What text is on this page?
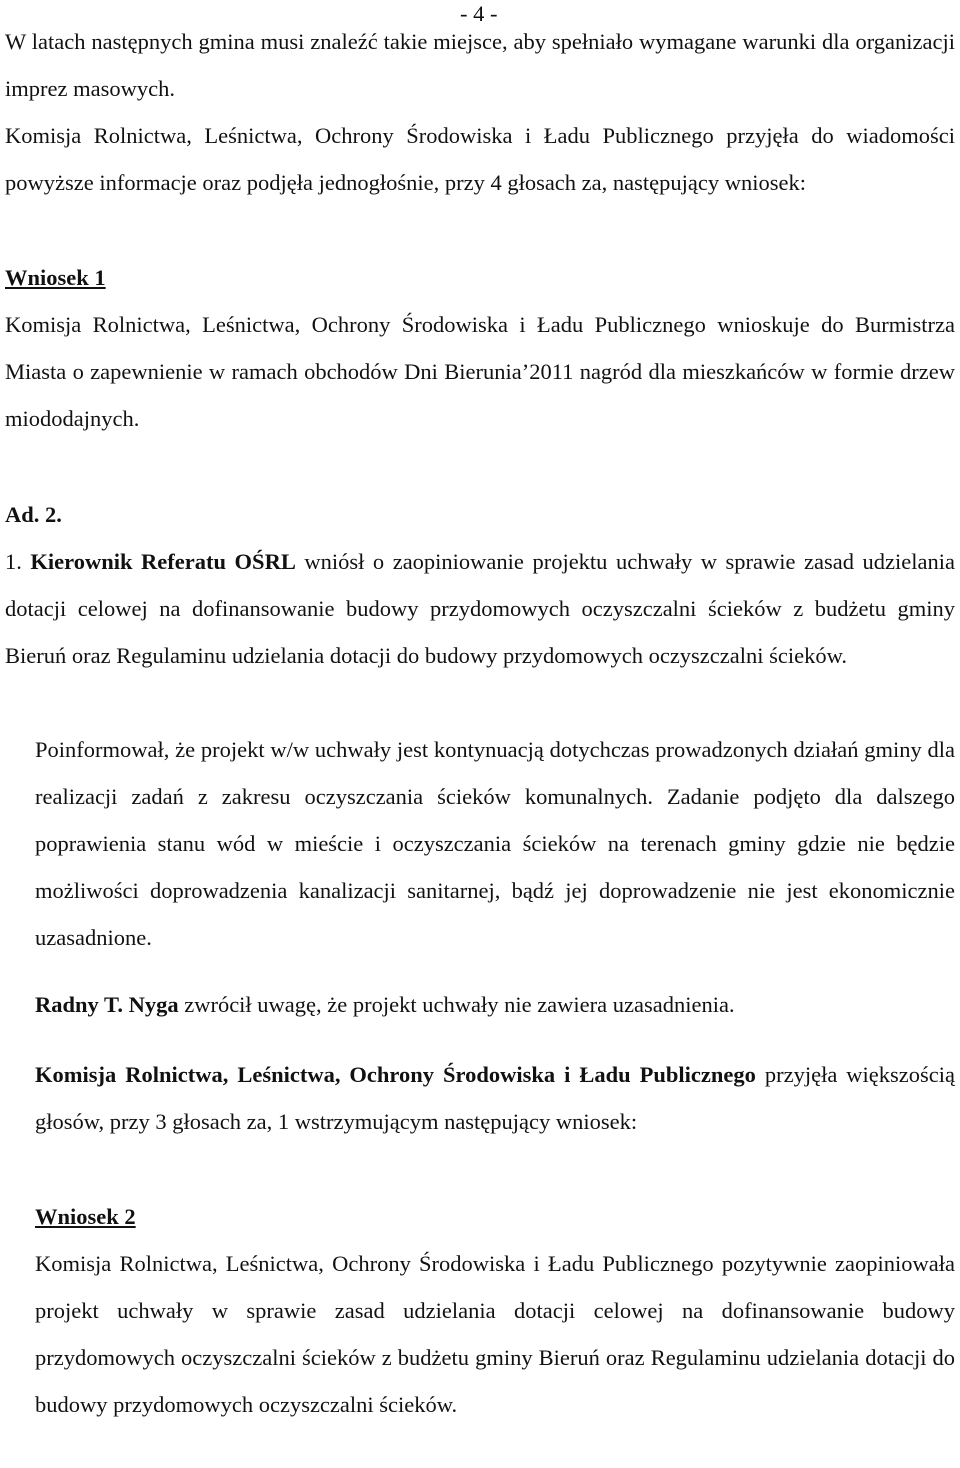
- 4 -

W latach następnych gmina musi znaleźć takie miejsce, aby spełniało wymagane warunki dla organizacji imprez masowych.

Komisja Rolnictwa, Leśnictwa, Ochrony Środowiska i Ładu Publicznego przyjęła do wiadomości powyższe informacje oraz podjęła jednogłośnie, przy 4 głosach za, następujący wniosek:

Wniosek 1

Komisja Rolnictwa, Leśnictwa, Ochrony Środowiska i Ładu Publicznego wnioskuje do Burmistrza Miasta o zapewnienie w ramach obchodów Dni Bierunia’2011 nagród dla mieszkańców w formie drzew miododajnych.

Ad. 2.

1. Kierownik Referatu OŚRL wniósł o zaopiniowanie projektu uchwały w sprawie zasad udzielania dotacji celowej na dofinansowanie budowy przydomowych oczyszczalni ścieków z budżetu gminy Bieruń oraz Regulaminu udzielania dotacji do budowy przydomowych oczyszczalni ścieków.

Poinformował, że projekt w/w uchwały jest kontynuacją dotychczas prowadzonych działań gminy dla realizacji zadań z zakresu oczyszczania ścieków komunalnych. Zadanie podjęto dla dalszego poprawienia stanu wód w mieście i oczyszczania ścieków na terenach gminy gdzie nie będzie możliwości doprowadzenia kanalizacji sanitarnej, bądź jej doprowadzenie nie jest ekonomicznie uzasadnione.

Radny T. Nyga zwrócił uwagę, że projekt uchwały nie zawiera uzasadnienia.

Komisja Rolnictwa, Leśnictwa, Ochrony Środowiska i Ładu Publicznego przyjęła większością głosów, przy 3 głosach za, 1 wstrzymującym następujący wniosek:

Wniosek 2

Komisja Rolnictwa, Leśnictwa, Ochrony Środowiska i Ładu Publicznego pozytywnie zaopiniowała projekt uchwały w sprawie zasad udzielania dotacji celowej na dofinansowanie budowy przydomowych oczyszczalni ścieków z budżetu gminy Bieruń oraz Regulaminu udzielania dotacji do budowy przydomowych oczyszczalni ścieków.
